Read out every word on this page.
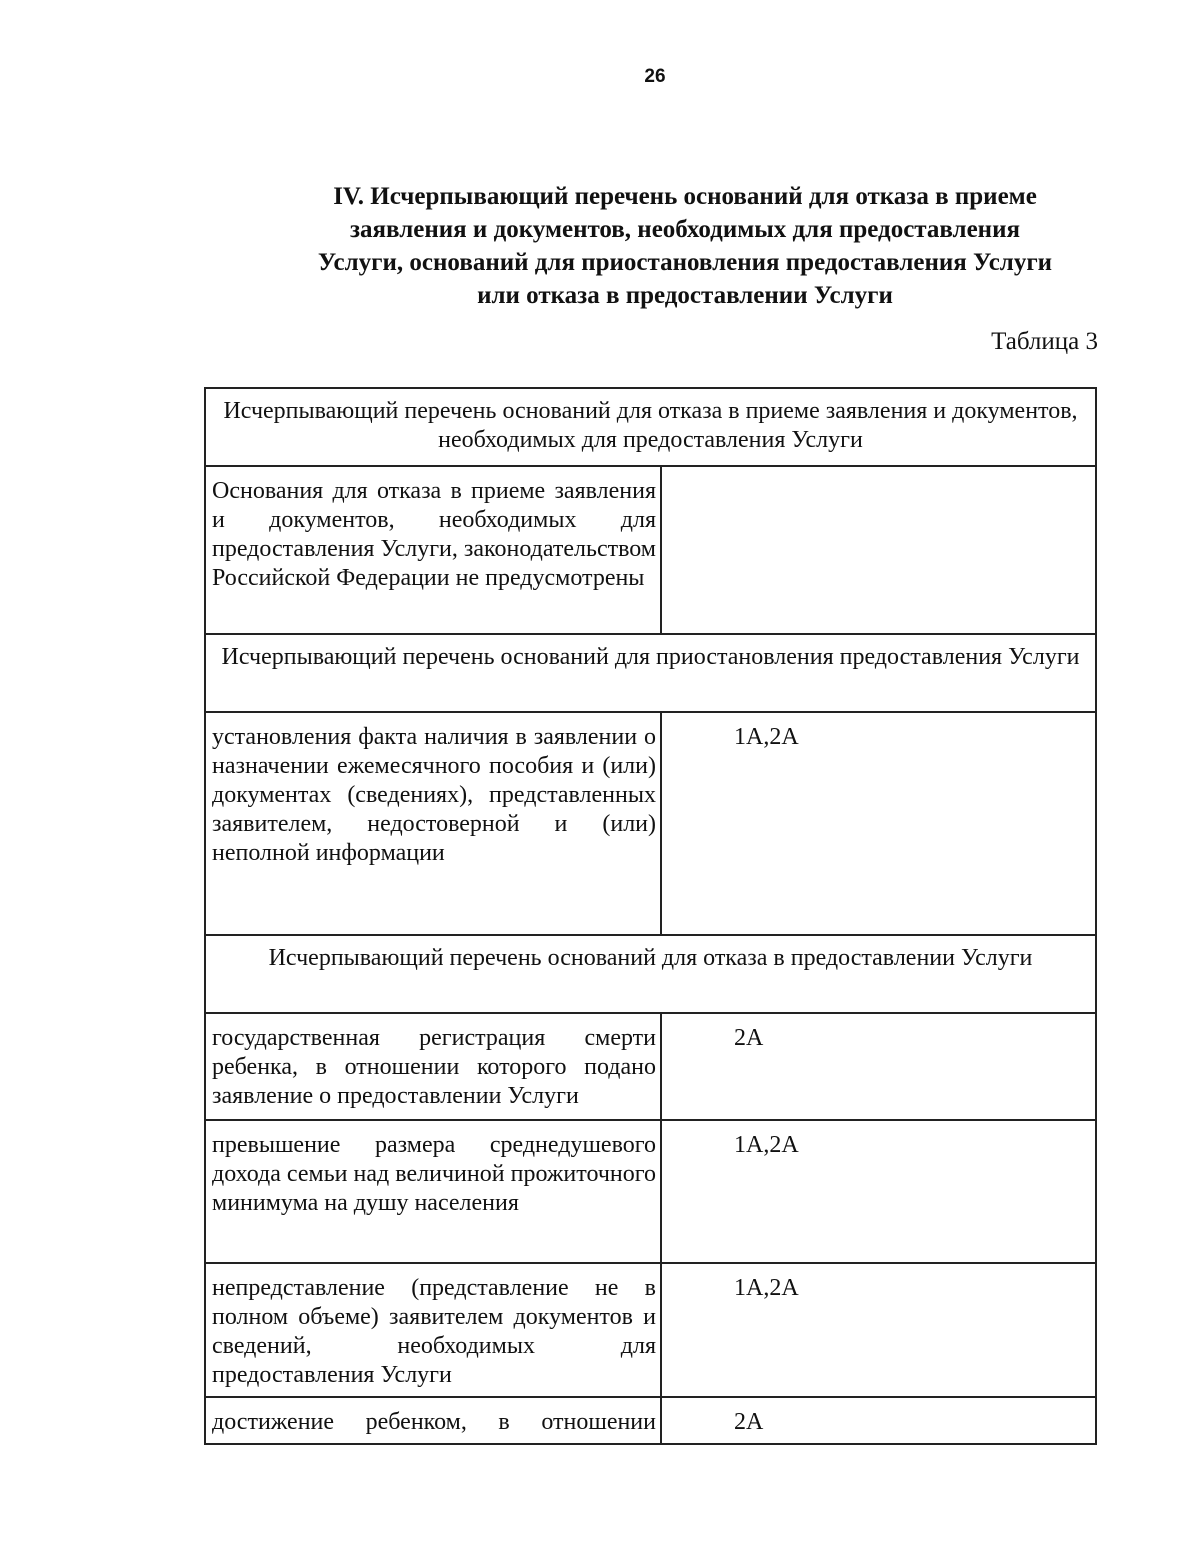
26
IV. Исчерпывающий перечень оснований для отказа в приеме
заявления и документов, необходимых для предоставления
Услуги, оснований для приостановления предоставления Услуги
или отказа в предоставлении Услуги
Таблица 3
Исчерпывающий перечень оснований для отказа в приеме заявления и документов, необходимых для предоставления Услуги	
Основания для отказа в приеме заявления и документов, необходимых для предоставления Услуги, законодательством Российской Федерации не предусмотрены	
Исчерпывающий перечень оснований для приостановления предоставления Услуги	
установления факта наличия в заявлении о назначении ежемесячного пособия и (или) документах (сведениях), представленных заявителем, недостоверной и (или) неполной информации	1А,2А
Исчерпывающий перечень оснований для отказа в предоставлении Услуги	
государственная регистрация смерти ребенка, в отношении которого подано заявление о предоставлении Услуги	2А
превышение размера среднедушевого дохода семьи над величиной прожиточного минимума на душу населения	1А,2А
непредставление (представление не в полном объеме) заявителем документов и сведений, необходимых для предоставления Услуги	1А,2А
достижение ребенком, в отношении	2А
